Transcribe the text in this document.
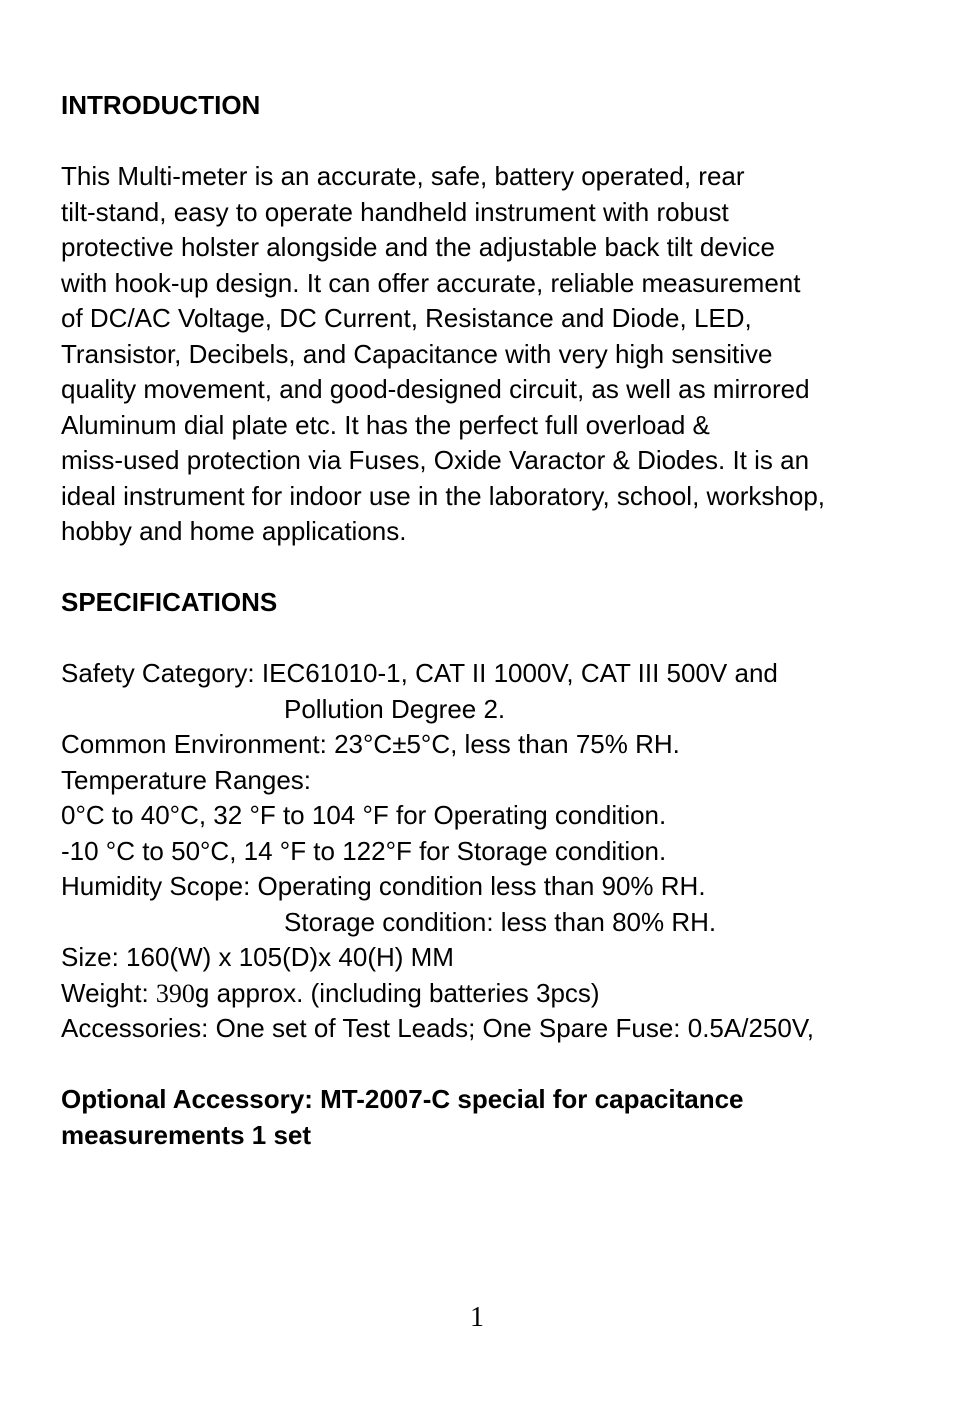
INTRODUCTION
This Multi-meter is an accurate, safe, battery operated, rear
tilt-stand, easy to operate handheld instrument with robust
protective holster alongside and the adjustable back tilt device
with hook-up design. It can offer accurate, reliable measurement
of DC/AC Voltage, DC Current, Resistance and Diode, LED,
Transistor, Decibels, and Capacitance with very high sensitive
quality movement, and good-designed circuit, as well as mirrored
Aluminum dial plate etc. It has the perfect full overload &
miss-used protection via Fuses, Oxide Varactor & Diodes. It is an
ideal instrument for indoor use in the laboratory, school, workshop,
hobby and home applications.
SPECIFICATIONS
Safety Category: IEC61010-1, CAT II 1000V, CAT III 500V and
Pollution Degree 2.
Common Environment: 23°C±5°C, less than 75% RH.
Temperature Ranges:
0°C to 40°C, 32 °F to 104 °F for Operating condition.
-10 °C to 50°C, 14 °F to 122°F for Storage condition.
Humidity Scope: Operating condition less than 90% RH.
Storage condition: less than 80% RH.
Size: 160(W) x 105(D)x 40(H) MM
Weight: 390g approx. (including batteries 3pcs)
Accessories: One set of Test Leads; One Spare Fuse: 0.5A/250V,
Optional Accessory: MT-2007-C special for capacitance
measurements 1 set
1
